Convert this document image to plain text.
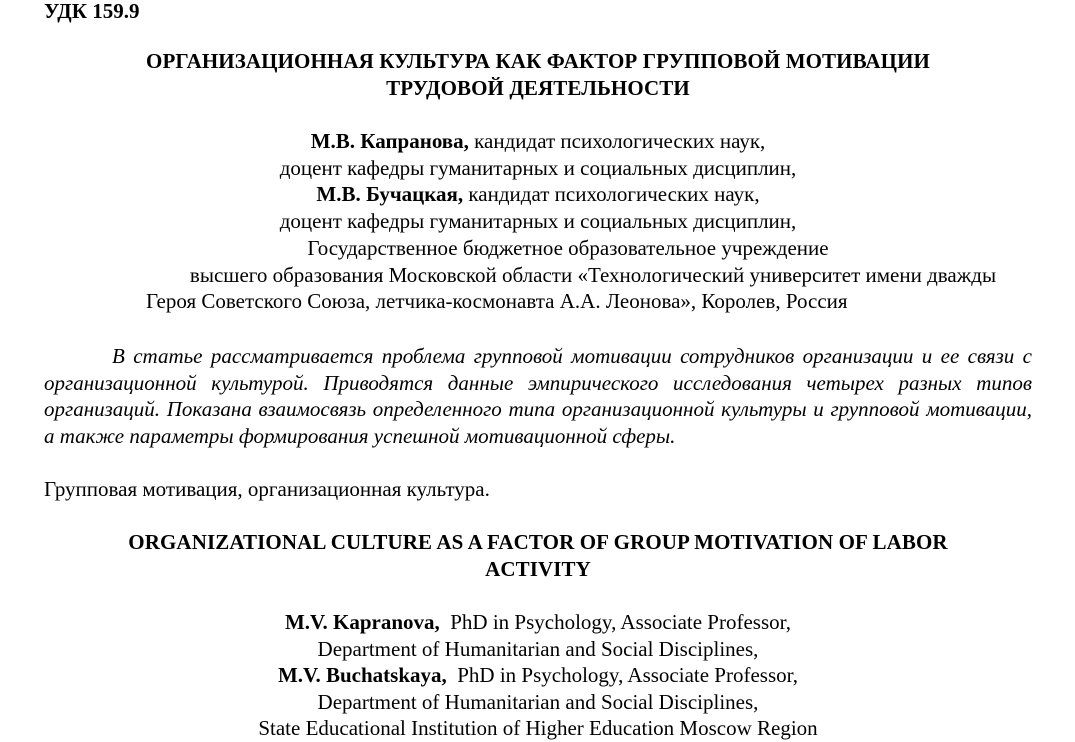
УДК 159.9
ОРГАНИЗАЦИОННАЯ КУЛЬТУРА КАК ФАКТОР ГРУППОВОЙ МОТИВАЦИИ
ТРУДОВОЙ ДЕЯТЕЛЬНОСТИ
М.В. Капранова, кандидат психологических наук,
доцент кафедры гуманитарных и социальных дисциплин,
М.В. Бучацкая, кандидат психологических наук,
доцент кафедры гуманитарных и социальных дисциплин,
Государственное бюджетное образовательное учреждение
высшего образования Московской области «Технологический университет имени дважды
Героя Советского Союза, летчика-космонавта А.А. Леонова», Королев, Россия
В статье рассматривается проблема групповой мотивации сотрудников организации и ее связи с организационной культурой. Приводятся данные эмпирического исследования четырех разных типов организаций. Показана взаимосвязь определенного типа организационной культуры и групповой мотивации, а также параметры формирования успешной мотивационной сферы.
Групповая мотивация, организационная культура.
ORGANIZATIONAL CULTURE AS A FACTOR OF GROUP MOTIVATION OF LABOR
ACTIVITY
M.V. Kapranova,  PhD in Psychology, Associate Professor,
Department of Humanitarian and Social Disciplines,
M.V. Buchatskaya,  PhD in Psychology, Associate Professor,
Department of Humanitarian and Social Disciplines,
State Educational Institution of Higher Education Moscow Region
